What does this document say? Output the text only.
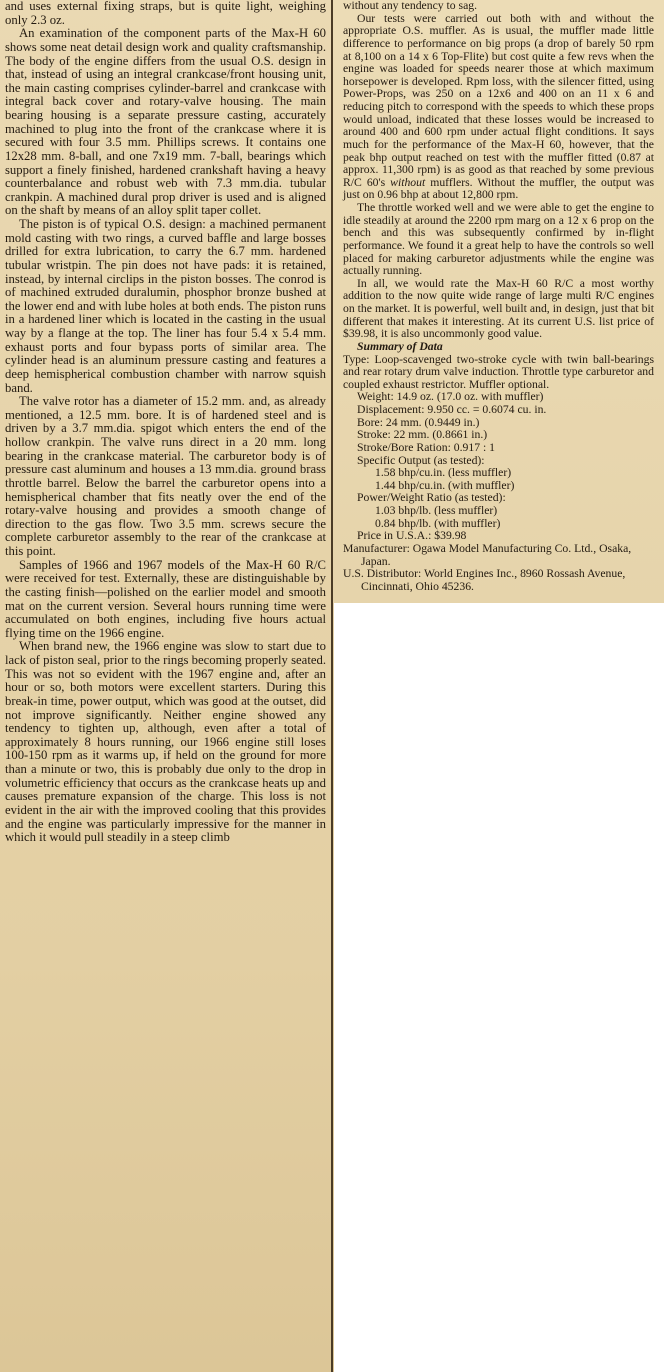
and uses external fixing straps, but is quite light, weighing only 2.3 oz.

An examination of the component parts of the Max-H 60 shows some neat detail design work and quality craftsmanship. The body of the engine differs from the usual O.S. design in that, instead of using an integral crankcase/front housing unit, the main casting comprises cylinder-barrel and crankcase with integral back cover and rotary-valve housing. The main bearing housing is a separate pressure casting, accurately machined to plug into the front of the crankcase where it is secured with four 3.5 mm. Phillips screws. It contains one 12x28 mm. 8-ball, and one 7x19 mm. 7-ball, bearings which support a finely finished, hardened crankshaft having a heavy counterbalance and robust web with 7.3 mm.dia. tubular crankpin. A machined dural prop driver is used and is aligned on the shaft by means of an alloy split taper collet.

The piston is of typical O.S. design: a machined permanent mold casting with two rings, a curved baffle and large bosses drilled for extra lubrication, to carry the 6.7 mm. hardened tubular wristpin. The pin does not have pads: it is retained, instead, by internal circlips in the piston bosses. The conrod is of machined extruded duralumin, phosphor bronze bushed at the lower end and with lube holes at both ends. The piston runs in a hardened liner which is located in the casting in the usual way by a flange at the top. The liner has four 5.4 x 5.4 mm. exhaust ports and four bypass ports of similar area. The cylinder head is an aluminum pressure casting and features a deep hemispherical combustion chamber with narrow squish band.

The valve rotor has a diameter of 15.2 mm. and, as already mentioned, a 12.5 mm. bore. It is of hardened steel and is driven by a 3.7 mm.dia. spigot which enters the end of the hollow crankpin. The valve runs direct in a 20 mm. long bearing in the crankcase material. The carburetor body is of pressure cast aluminum and houses a 13 mm.dia. ground brass throttle barrel. Below the barrel the carburetor opens into a hemispherical chamber that fits neatly over the end of the rotary-valve housing and provides a smooth change of direction to the gas flow. Two 3.5 mm. screws secure the complete carburetor assembly to the rear of the crankcase at this point.

Samples of 1966 and 1967 models of the Max-H 60 R/C were received for test. Externally, these are distinguishable by the casting finish—polished on the earlier model and smooth mat on the current version. Several hours running time were accumulated on both engines, including five hours actual flying time on the 1966 engine.

When brand new, the 1966 engine was slow to start due to lack of piston seal, prior to the rings becoming properly seated. This was not so evident with the 1967 engine and, after an hour or so, both motors were excellent starters. During this break-in time, power output, which was good at the outset, did not improve significantly. Neither engine showed any tendency to tighten up, although, even after a total of approximately 8 hours running, our 1966 engine still loses 100-150 rpm as it warms up, if held on the ground for more than a minute or two, this is probably due only to the drop in volumetric efficiency that occurs as the crankcase heats up and causes premature expansion of the charge. This loss is not evident in the air with the improved cooling that this provides and the engine was particularly impressive for the manner in which it would pull steadily in a steep climb

without any tendency to sag.

Our tests were carried out both with and without the appropriate O.S. muffler. As is usual, the muffler made little difference to performance on big props (a drop of barely 50 rpm at 8,100 on a 14 x 6 Top-Flite) but cost quite a few revs when the engine was loaded for speeds nearer those at which maximum horsepower is developed. Rpm loss, with the silencer fitted, using Power-Props, was 250 on a 12x6 and 400 on an 11 x 6 and reducing pitch to correspond with the speeds to which these props would unload, indicated that these losses would be increased to around 400 and 600 rpm under actual flight conditions. It says much for the performance of the Max-H 60, however, that the peak bhp output reached on test with the muffler fitted (0.87 at approx. 11,300 rpm) is as good as that reached by some previous R/C 60's without mufflers. Without the muffler, the output was just on 0.96 bhp at about 12,800 rpm.

The throttle worked well and we were able to get the engine to idle steadily at around the 2200 rpm marg on a 12 x 6 prop on the bench and this was subsequently confirmed by in-flight performance. We found it a great help to have the controls so well placed for making carburetor adjustments while the engine was actually running.

In all, we would rate the Max-H 60 R/C a most worthy addition to the now quite wide range of large multi R/C engines on the market. It is powerful, well built and, in design, just that bit different that makes it interesting. At its current U.S. list price of $39.98, it is also uncommonly good value.

Summary of Data

Type: Loop-scavenged two-stroke cycle with twin ball-bearings and rear rotary drum valve induction. Throttle type carburetor and coupled exhaust restrictor. Muffler optional.

Weight: 14.9 oz. (17.0 oz. with muffler)

Displacement: 9.950 cc. = 0.6074 cu. in.

Bore: 24 mm. (0.9449 in.)

Stroke: 22 mm. (0.8661 in.)

Stroke/Bore Ration: 0.917 : 1

Specific Output (as tested):

1.58 bhp/cu.in. (less muffler)

1.44 bhp/cu.in. (with muffler)

Power/Weight Ratio (as tested):

1.03 bhp/lb. (less muffler)

0.84 bhp/lb. (with muffler)

Price in U.S.A.: $39.98

Manufacturer: Ogawa Model Manufacturing Co. Ltd., Osaka, Japan.

U.S. Distributor: World Engines Inc., 8960 Rossash Avenue, Cincinnati, Ohio 45236.
